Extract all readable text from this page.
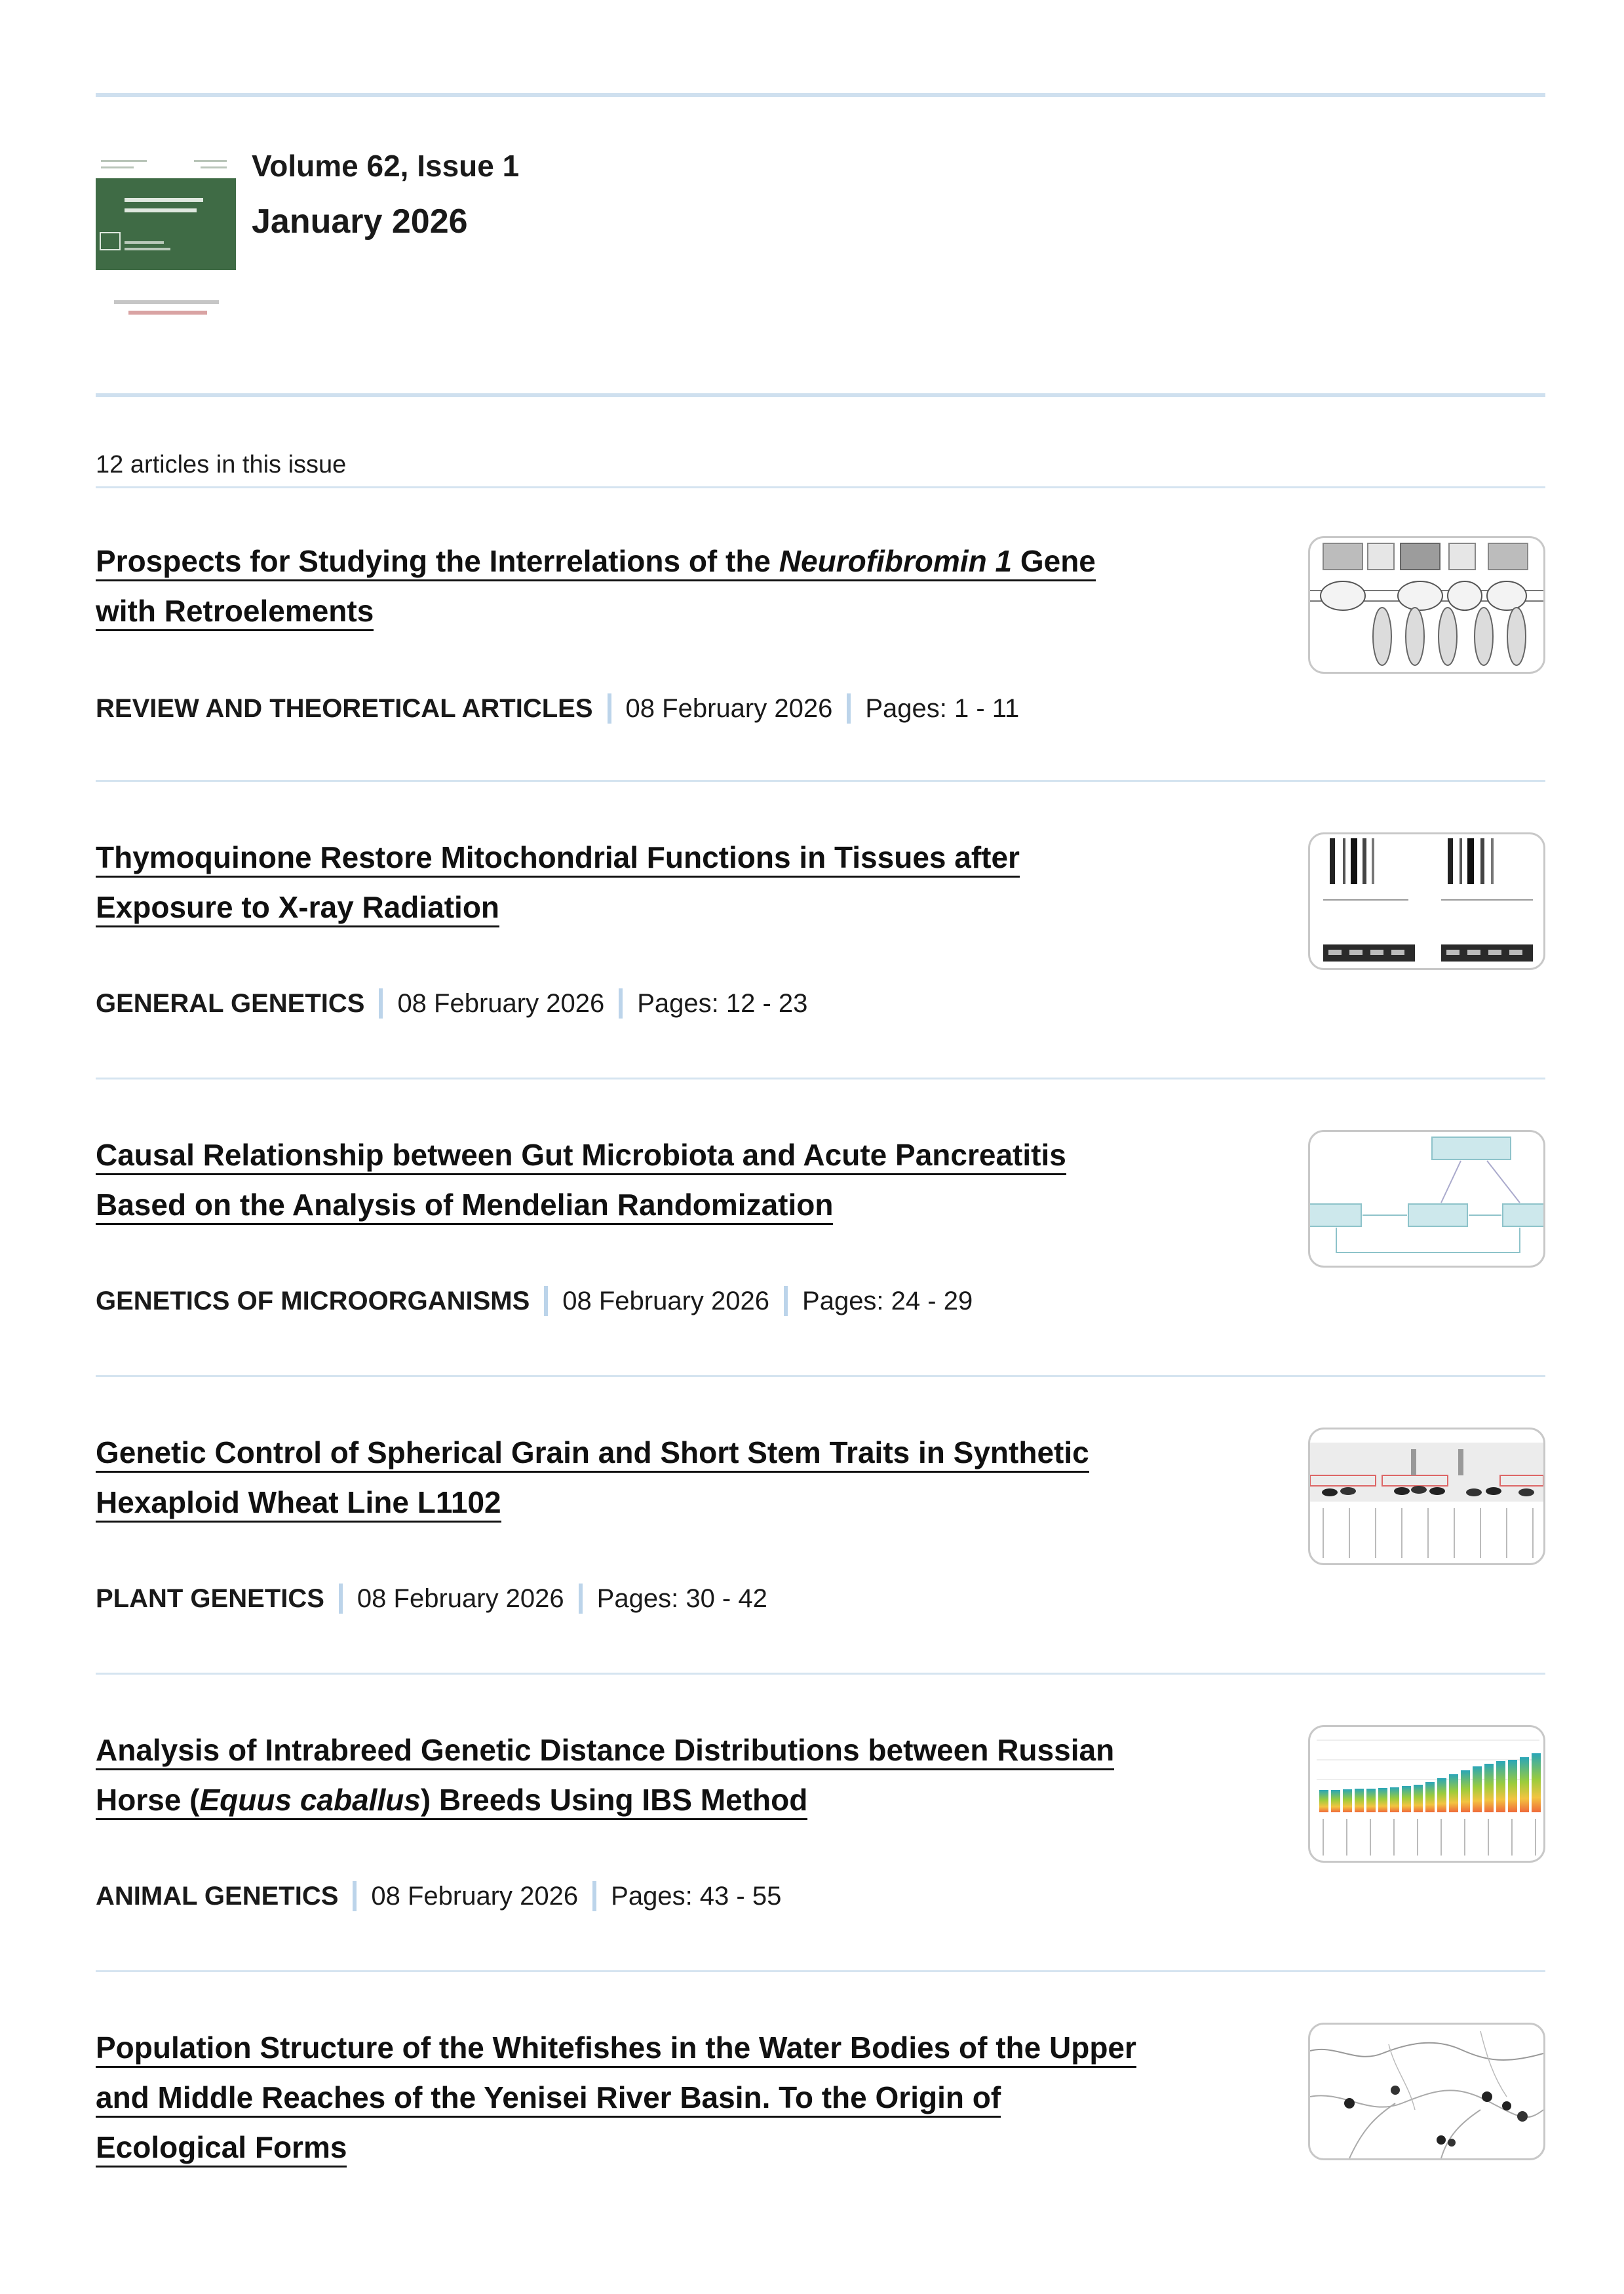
Volume 62, Issue 1
January 2026
12 articles in this issue
Prospects for Studying the Interrelations of the Neurofibromin 1 Gene
with Retroelements
REVIEW AND THEORETICAL ARTICLES 08 February 2026 Pages: 1 - 11
Thymoquinone Restore Mitochondrial Functions in Tissues after
Exposure to X-ray Radiation
GENERAL GENETICS 08 February 2026 Pages: 12 - 23
Causal Relationship between Gut Microbiota and Acute Pancreatitis
Based on the Analysis of Mendelian Randomization
GENETICS OF MICROORGANISMS 08 February 2026 Pages: 24 - 29
Genetic Control of Spherical Grain and Short Stem Traits in Synthetic
Hexaploid Wheat Line L1102
PLANT GENETICS 08 February 2026 Pages: 30 - 42
Analysis of Intrabreed Genetic Distance Distributions between Russian
Horse (Equus caballus) Breeds Using IBS Method
ANIMAL GENETICS 08 February 2026 Pages: 43 - 55
Population Structure of the Whitefishes in the Water Bodies of the Upper
and Middle Reaches of the Yenisei River Basin. To the Origin of
Ecological Forms
